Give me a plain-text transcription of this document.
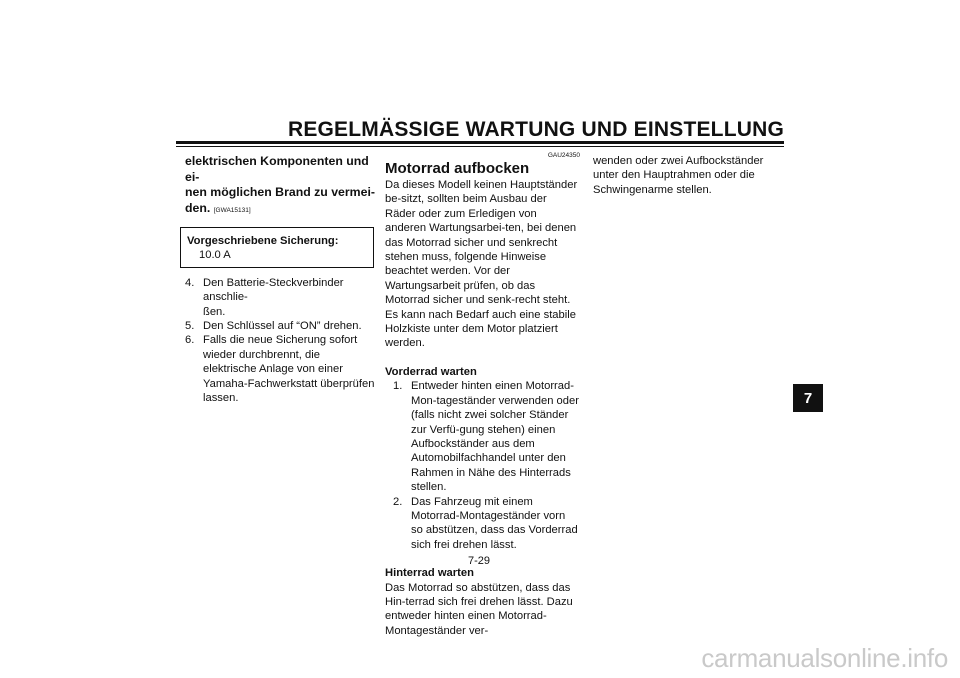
REGELMÄSSIGE WARTUNG UND EINSTELLUNG
elektrischen Komponenten und ei-
nen möglichen Brand zu vermei-
den. [GWA15131]
Vorgeschriebene Sicherung:
10.0 A
4. Den Batterie-Steckverbinder anschlie-
ßen.
5. Den Schlüssel auf “ON” drehen.
6. Falls die neue Sicherung sofort wieder durchbrennt, die elektrische Anlage von einer Yamaha-Fachwerkstatt überprüfen lassen.
GAU24350
Motorrad aufbocken

Da dieses Modell keinen Hauptständer be-sitzt, sollten beim Ausbau der Räder oder zum Erledigen von anderen Wartungsarbei-ten, bei denen das Motorrad sicher und senkrecht stehen muss, folgende Hinweise beachtet werden. Vor der Wartungsarbeit prüfen, ob das Motorrad sicher und senk-recht steht. Es kann nach Bedarf auch eine stabile Holzkiste unter dem Motor platziert werden.

Vorderrad warten
1. Entweder hinten einen Motorrad-Mon-tageständer verwenden oder (falls nicht zwei solcher Ständer zur Verfü-gung stehen) einen Aufbockständer aus dem Automobilfachhandel unter den Rahmen in Nähe des Hinterrads stellen.
2. Das Fahrzeug mit einem Motorrad-Montageständer vorn so abstützen, dass das Vorderrad sich frei drehen lässt.
Hinterrad warten

Das Motorrad so abstützen, dass das Hin-terrad sich frei drehen lässt. Dazu entweder hinten einen Motorrad-Montageständer ver-

wenden oder zwei Aufbockständer unter den Hauptrahmen oder die Schwingenarme stellen.

7
7-29
carmanualsonline.info
